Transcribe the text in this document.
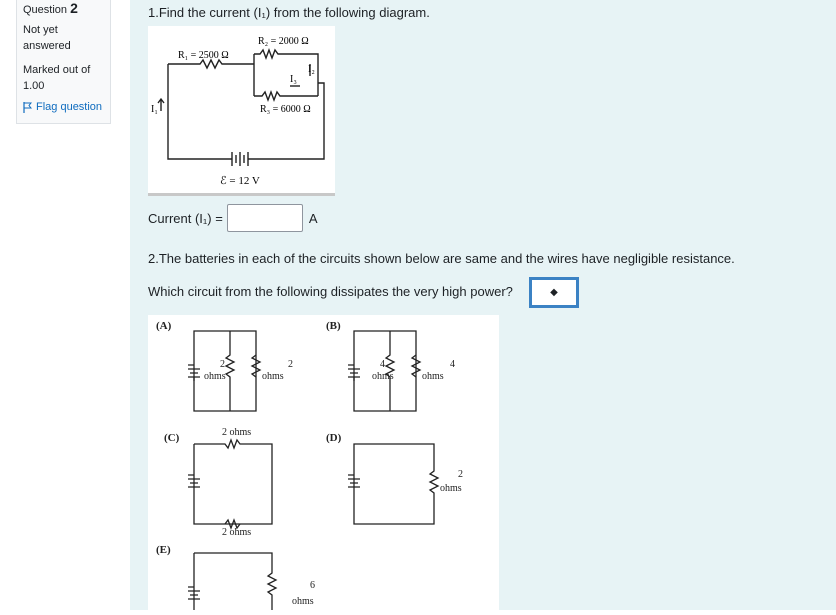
Question 2
Not yet
answered
Marked out of
1.00
Flag question
1.Find the current (I₁) from the following diagram.
R₂ = 2000 Ω
R₁ = 2500 Ω
R₃ = 6000 Ω
I₁
I₂
I₃
ℰ = 12 V
Current (I₁) =	A
2.The batteries in each of the circuits shown below are same and the wires have negligible resistance.
Which circuit from the following dissipates the very high power?	◆
(A)	(B)
(C)	(D)
(E)
2
ohms
2
ohms
4
ohms
4
ohms
2 ohms
2 ohms
2
ohms
6
ohms
